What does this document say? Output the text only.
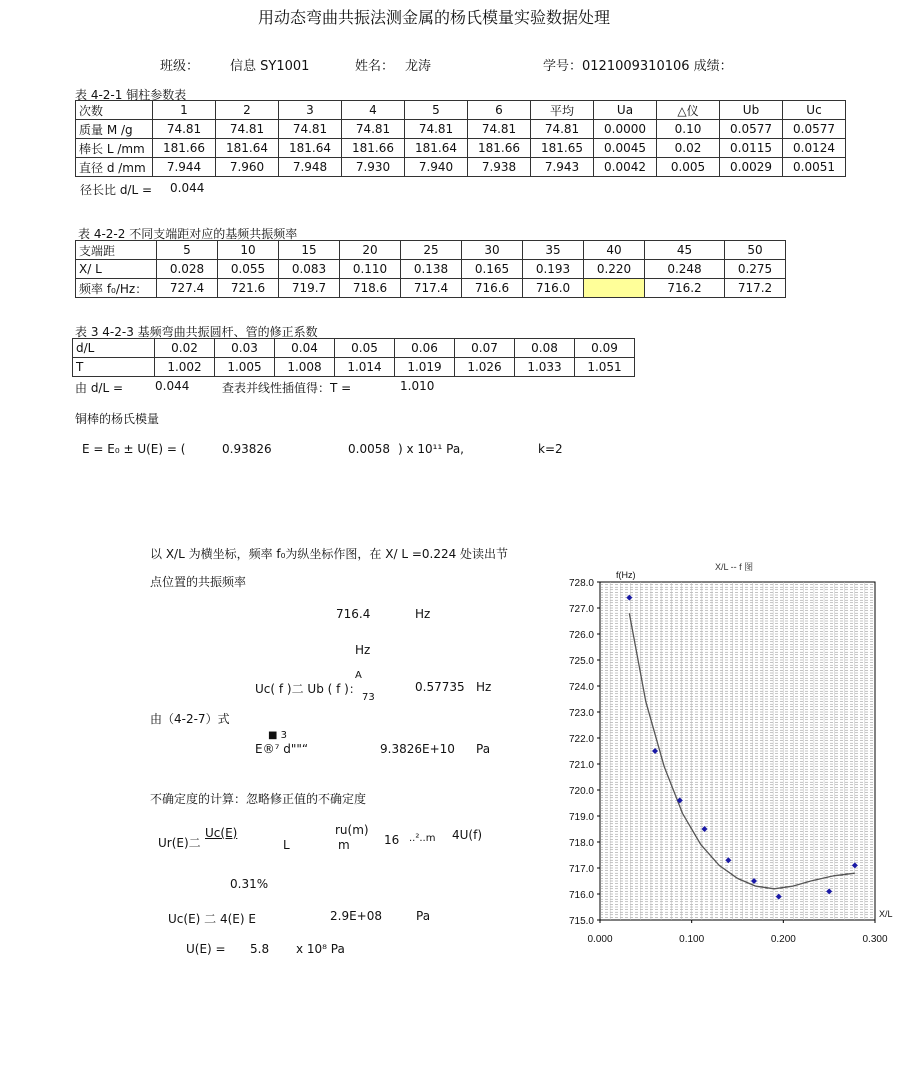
用动态弯曲共振法测金属的杨氏模量实验数据处理
班级： 信息 SY1001	姓名： 龙涛	学号：0121009310106 成绩：
表 4-2-1 铜柱参数表
次数	1	2	3	4	5	6	平均	Ua	△仪	Ub	Uc
质量 M /g	74.81	74.81	74.81	74.81	74.81	74.81	74.81	0.0000	0.10	0.0577	0.0577
棒长 L /mm	181.66	181.64	181.64	181.66	181.64	181.66	181.65	0.0045	0.02	0.0115	0.0124
直径 d /mm	7.944	7.960	7.948	7.930	7.940	7.938	7.943	0.0042	0.005	0.0029	0.0051
径长比 d/L = 0.044
表 4-2-2 不同支端距对应的基频共振频率
支端距	5	10	15	20	25	30	35	40	45	50
X/ L	0.028	0.055	0.083	0.110	0.138	0.165	0.193	0.220	0.248	0.275
频率 f₀/Hz：	727.4	721.6	719.7	718.6	717.4	716.6	716.0		716.2	717.2
表 3 4-2-3 基频弯曲共振圆杆、管的修正系数
d/L	0.02	0.03	0.04	0.05	0.06	0.07	0.08	0.09
T	1.002	1.005	1.008	1.014	1.019	1.026	1.033	1.051
由 d/L =	0.044	查表并线性插值得：T =	1.010
铜棒的杨氏模量
E = E₀ ± U(E) = (	0.93826	0.0058 ) x 10¹¹ Pa,	k=2
以 X/L 为横坐标，频率 f₀为纵坐标作图，在 X/ L =0.224 处读出节
点位置的共振频率
716.4	Hz
Hz
A
Uc( f )二 Ub ( f )：
73
0.57735 Hz
由（4-2-7）式
■ 3
E®⁷ d""“	9.3826E+10 Pa
不确定度的计算：忽略修正值的不确定度
Ur(E)二
Uc(E)
L
ru(m)
m	16 ..²..m 4U(f)
0.31%
Uc(E) 二 4(E) E	2.9E+08	Pa
U(E) = 5.8 x 10⁸ Pa
715.0
716.0
717.0
718.0
719.0
720.0
721.0
722.0
723.0
724.0
725.0
726.0
727.0
728.0
0.000	0.100	0.200	0.300
f(Hz)
X/L
X/L -- f 图
